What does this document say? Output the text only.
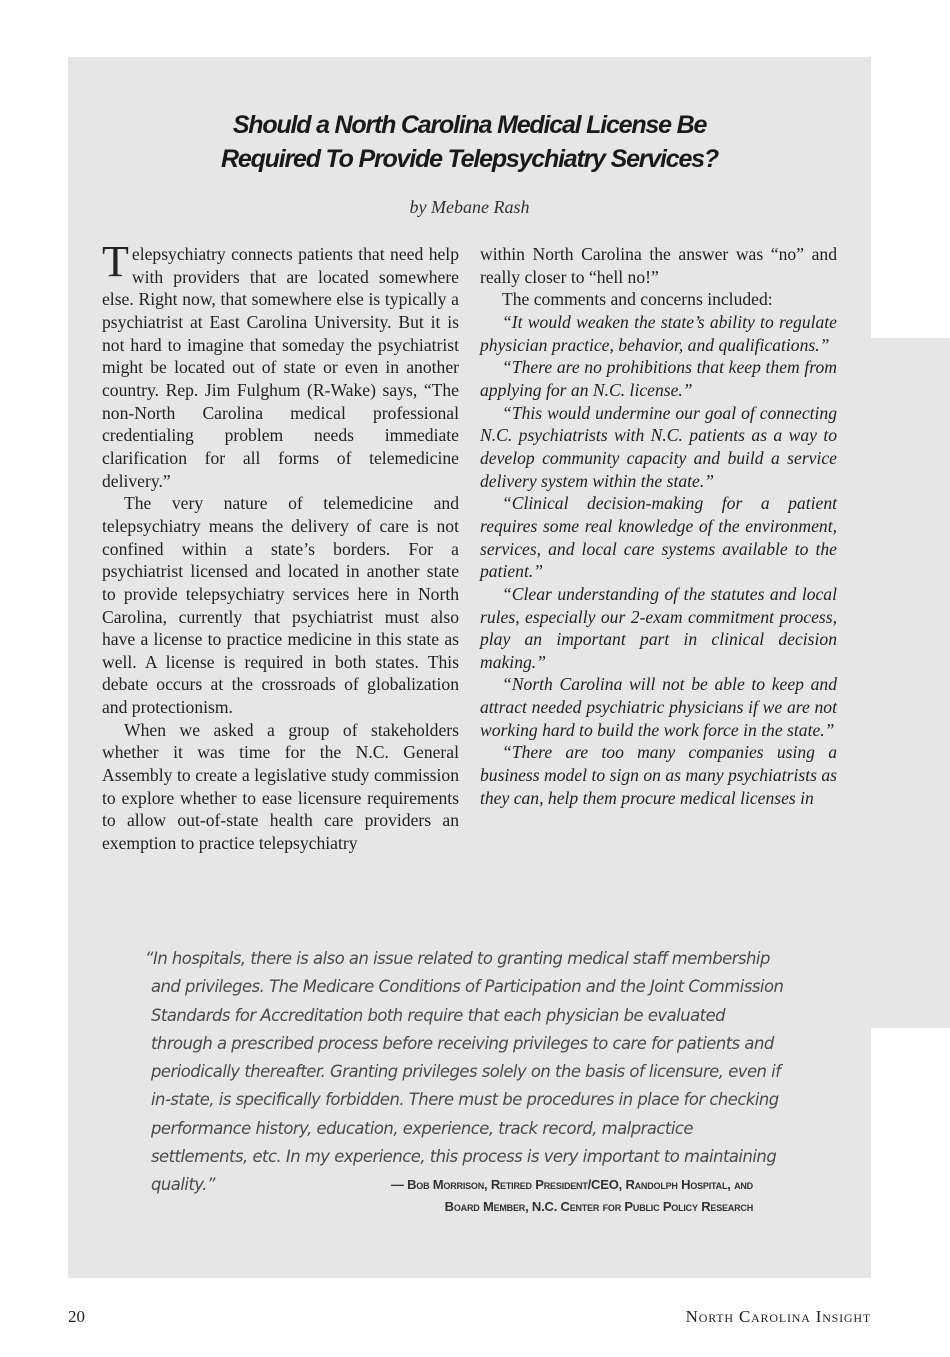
Should a North Carolina Medical License Be
Required To Provide Telepsychiatry Services?
by Mebane Rash

Telepsychiatry connects patients that need help with providers that are located somewhere else. Right now, that somewhere else is typically a psychiatrist at East Carolina University. But it is not hard to imagine that someday the psychiatrist might be located out of state or even in another country. Rep. Jim Fulghum (R-Wake) says, “The non-North Carolina medical professional credentialing problem needs immediate clarification for all forms of telemedicine delivery.”

The very nature of telemedicine and telepsychiatry means the delivery of care is not confined within a state’s borders. For a psychiatrist licensed and located in another state to provide telepsychiatry services here in North Carolina, currently that psychiatrist must also have a license to practice medicine in this state as well. A license is required in both states. This debate occurs at the crossroads of globalization and protectionism.

When we asked a group of stakeholders whether it was time for the N.C. General Assembly to create a legislative study commission to explore whether to ease licensure requirements to allow out-of-state health care providers an exemption to practice telepsychiatry

within North Carolina the answer was “no” and really closer to “hell no!”

The comments and concerns included:

“It would weaken the state’s ability to regulate physician practice, behavior, and qualifications.”

“There are no prohibitions that keep them from applying for an N.C. license.”

“This would undermine our goal of connecting N.C. psychiatrists with N.C. patients as a way to develop community capacity and build a service delivery system within the state.”

“Clinical decision-making for a patient requires some real knowledge of the environment, services, and local care systems available to the patient.”

“Clear understanding of the statutes and local rules, especially our 2-exam commitment process, play an important part in clinical decision making.”

“North Carolina will not be able to keep and attract needed psychiatric physicians if we are not working hard to build the work force in the state.”

“There are too many companies using a business model to sign on as many psychiatrists as they can, help them procure medical licenses in

“In hospitals, there is also an issue related to granting medical staff membership and privileges. The Medicare Conditions of Participation and the Joint Commission Standards for Accreditation both require that each physician be evaluated through a prescribed process before receiving privileges to care for patients and periodically thereafter. Granting privileges solely on the basis of licensure, even if in-state, is specifically forbidden. There must be procedures in place for checking performance history, education, experience, track record, malpractice settlements, etc. In my experience, this process is very important to maintaining quality.”	— Bob Morrison, Retired President/CEO, Randolph Hospital, and
Board Member, N.C. Center for Public Policy Research
20	North Carolina Insight
